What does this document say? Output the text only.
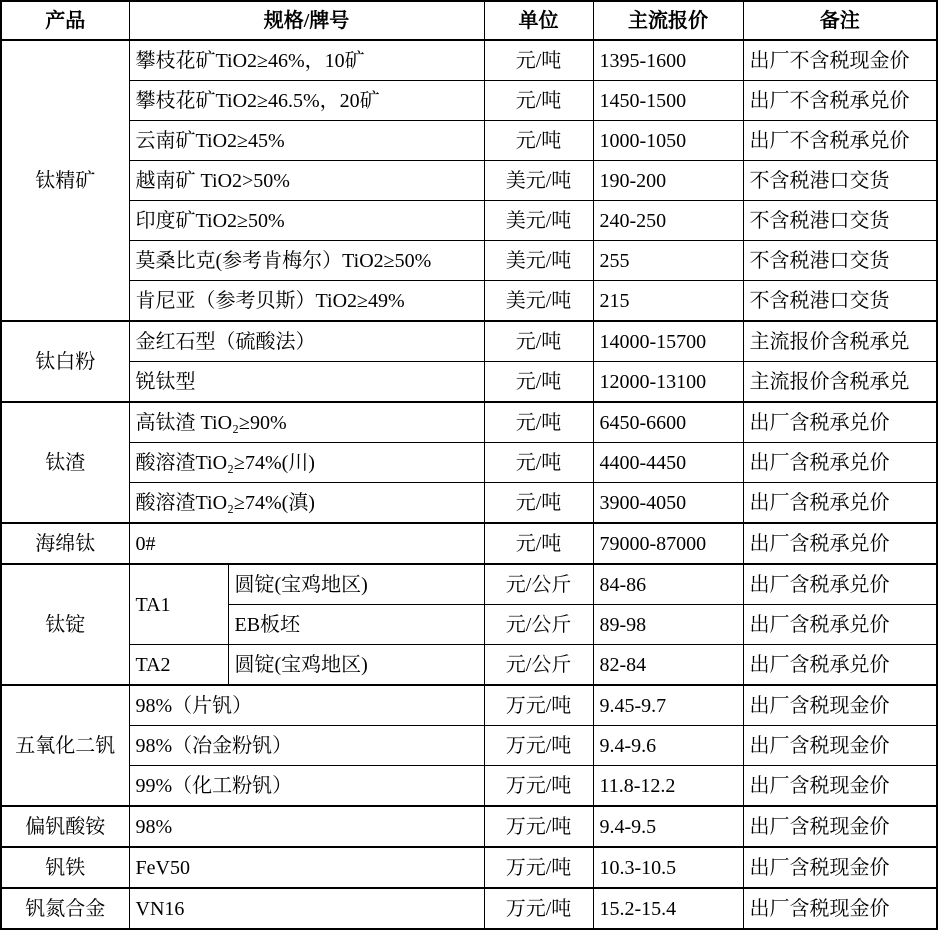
产品	规格/牌号		单位	主流报价	备注
钛精矿	攀枝花矿TiO2≥46%，10矿		元/吨	1395-1600	出厂不含税现金价
	攀枝花矿TiO2≥46.5%，20矿		元/吨	1450-1500	出厂不含税承兑价
	云南矿TiO2≥45%		元/吨	1000-1050	出厂不含税承兑价
	越南矿 TiO2>50%		美元/吨	190-200	不含税港口交货
	印度矿TiO2≥50%		美元/吨	240-250	不含税港口交货
	莫桑比克(参考肯梅尔）TiO2≥50%		美元/吨	255	不含税港口交货
	肯尼亚（参考贝斯）TiO2≥49%		美元/吨	215	不含税港口交货
钛白粉	金红石型（硫酸法）		元/吨	14000-15700	主流报价含税承兑
	锐钛型		元/吨	12000-13100	主流报价含税承兑
钛渣	高钛渣 TiO₂≥90%		元/吨	6450-6600	出厂含税承兑价
	酸溶渣TiO₂≥74%(川)		元/吨	4400-4450	出厂含税承兑价
	酸溶渣TiO₂≥74%(滇)		元/吨	3900-4050	出厂含税承兑价
海绵钛	0#		元/吨	79000-87000	出厂含税承兑价
钛锭	TA1	圆锭(宝鸡地区)	元/公斤	84-86	出厂含税承兑价
		EB板坯	元/公斤	89-98	出厂含税承兑价
	TA2	圆锭(宝鸡地区)	元/公斤	82-84	出厂含税承兑价
五氧化二钒	98%（片钒）		万元/吨	9.45-9.7	出厂含税现金价
	98%（冶金粉钒）		万元/吨	9.4-9.6	出厂含税现金价
	99%（化工粉钒）		万元/吨	11.8-12.2	出厂含税现金价
偏钒酸铵	98%		万元/吨	9.4-9.5	出厂含税现金价
钒铁	FeV50		万元/吨	10.3-10.5	出厂含税现金价
钒氮合金	VN16		万元/吨	15.2-15.4	出厂含税现金价
